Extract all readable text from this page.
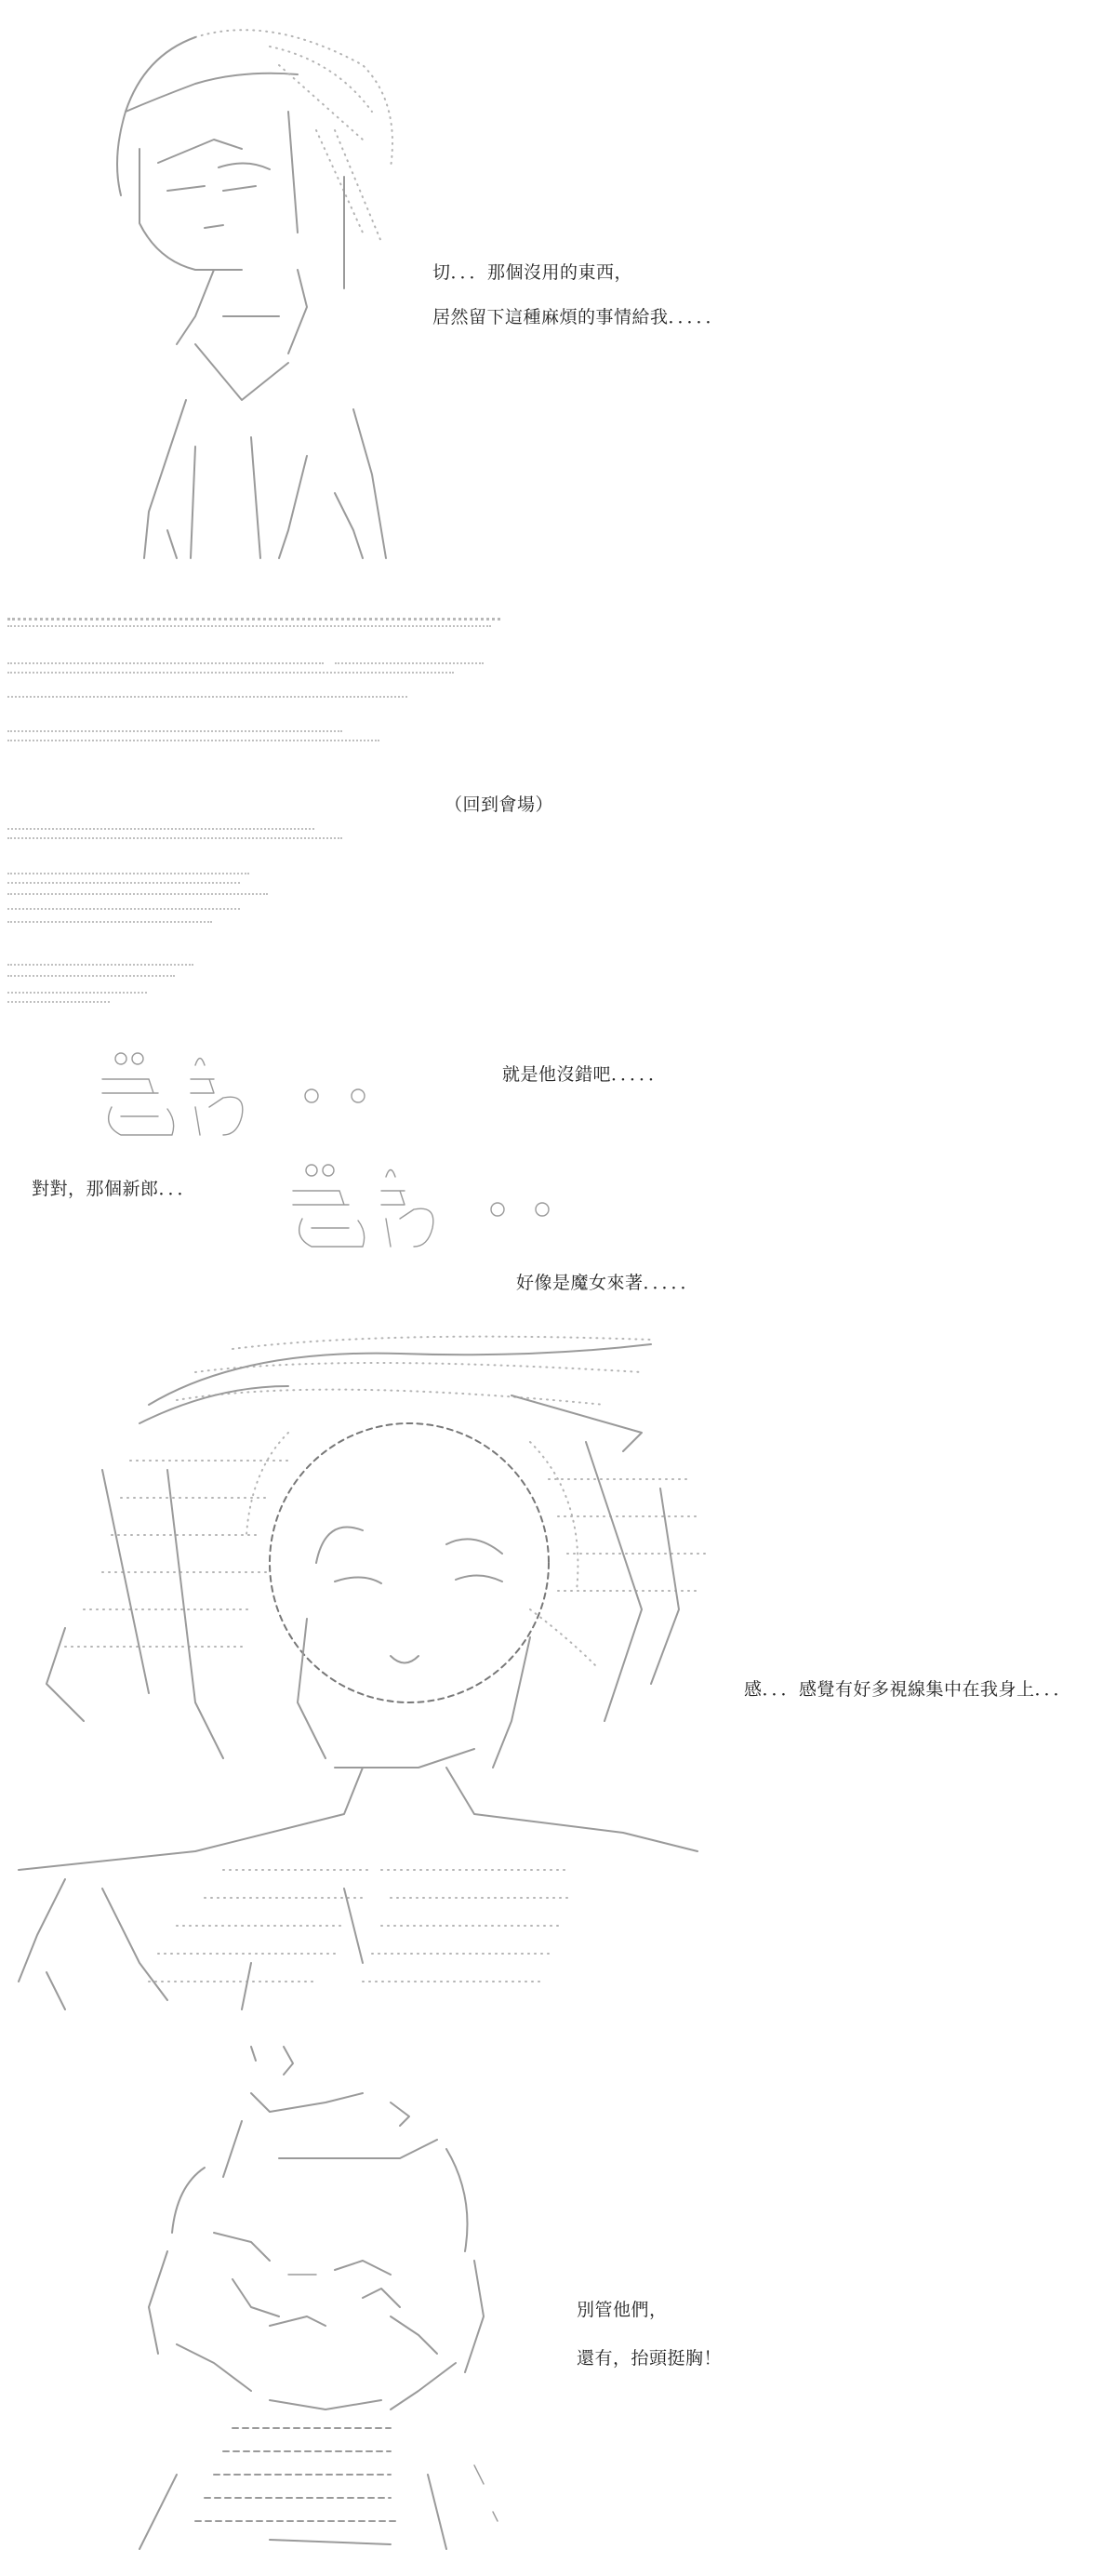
切．．．那個沒用的東西，
居然留下這種麻煩的事情給我．．．．．
（回到會場）
就是他沒錯吧．．．．．
對對，那個新郎．．．
好像是魔女來著．．．．．
感．．．感覺有好多視線集中在我身上．．．
別管他們，
還有，抬頭挺胸！
